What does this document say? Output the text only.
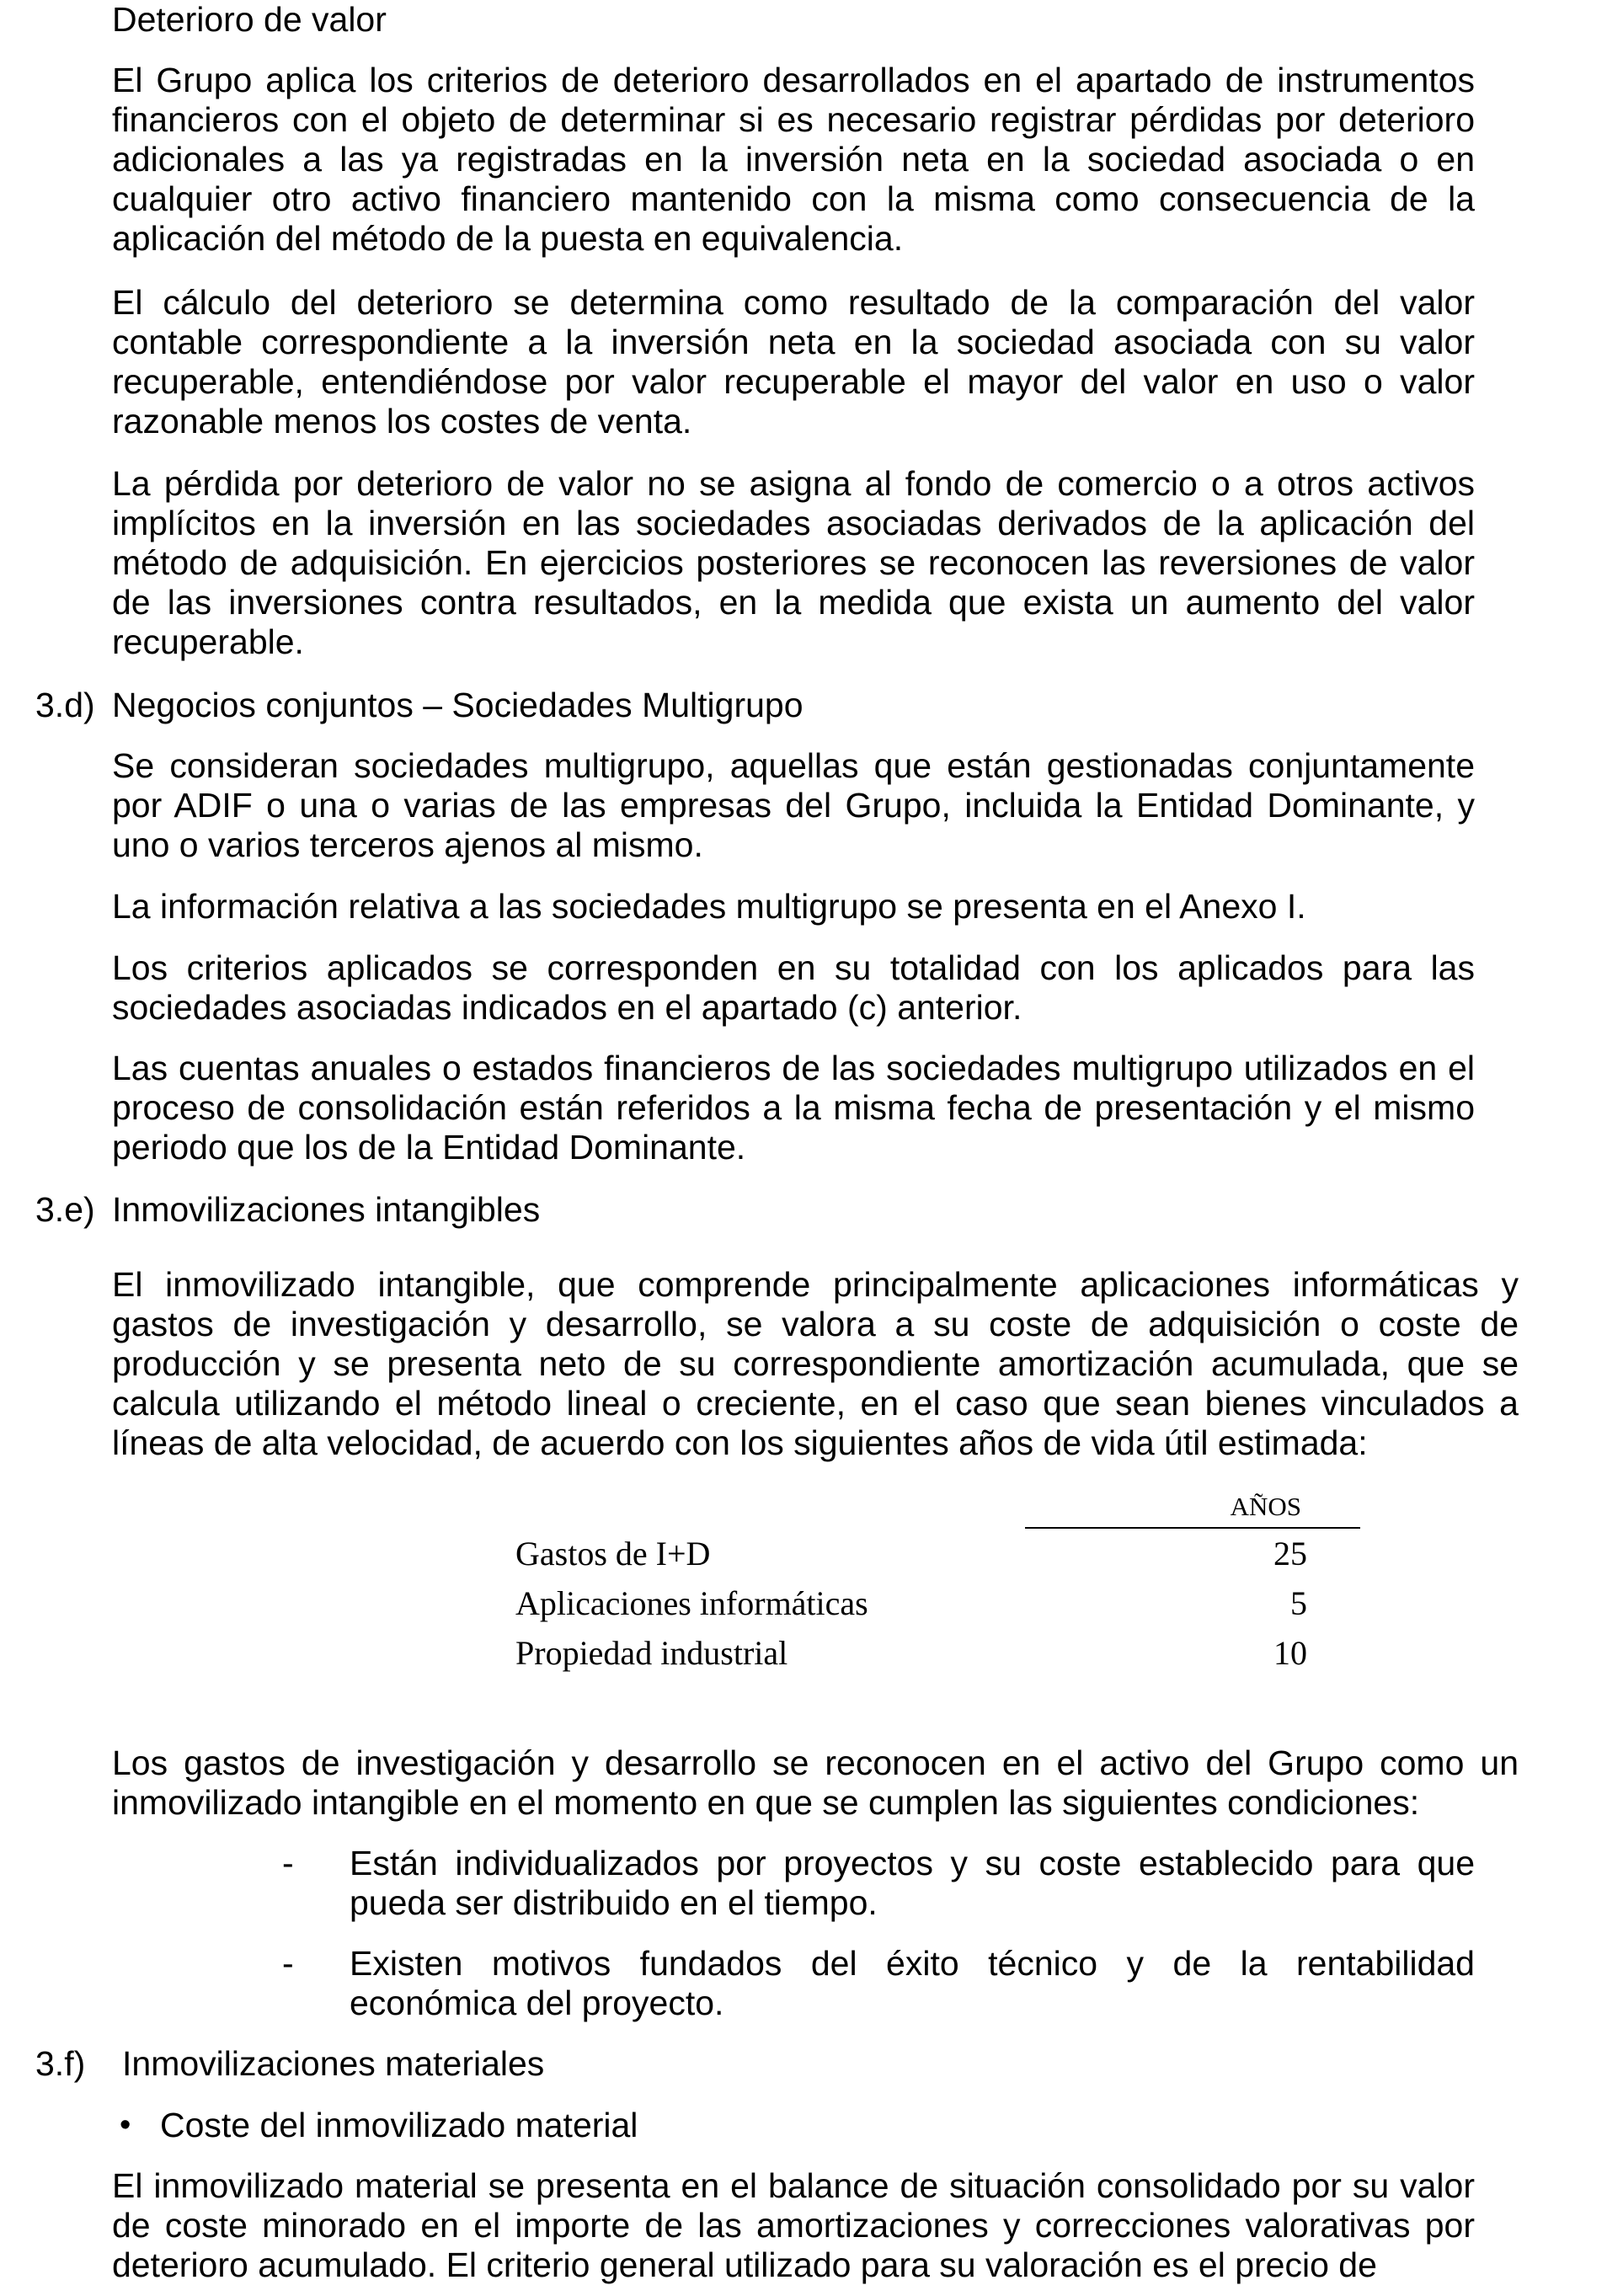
Deterioro de valor

El Grupo aplica los criterios de deterioro desarrollados en el apartado de instrumentos financieros con el objeto de determinar si es necesario registrar pérdidas por deterioro adicionales a las ya registradas en la inversión neta en la sociedad asociada o en cualquier otro activo financiero mantenido con la misma como consecuencia de la aplicación del método de la puesta en equivalencia.

El cálculo del deterioro se determina como resultado de la comparación del valor contable correspondiente a la inversión neta en la sociedad asociada con su valor recuperable, entendiéndose por valor recuperable el mayor del valor en uso o valor razonable menos los costes de venta.

La pérdida por deterioro de valor no se asigna al fondo de comercio o a otros activos implícitos en la inversión en las sociedades asociadas derivados de la aplicación del método de adquisición. En ejercicios posteriores se reconocen las reversiones de valor de las inversiones contra resultados, en la medida que exista un aumento del valor recuperable.

3.d) Negocios conjuntos – Sociedades Multigrupo

Se consideran sociedades multigrupo, aquellas que están gestionadas conjuntamente por ADIF o una o varias de las empresas del Grupo, incluida la Entidad Dominante, y uno o varios terceros ajenos al mismo.

La información relativa a las sociedades multigrupo se presenta en el Anexo I.

Los criterios aplicados se corresponden en su totalidad con los aplicados para las sociedades asociadas indicados en el apartado (c) anterior.

Las cuentas anuales o estados financieros de las sociedades multigrupo utilizados en el proceso de consolidación están referidos a la misma fecha de presentación y el mismo periodo que los de la Entidad Dominante.

3.e) Inmovilizaciones intangibles

El inmovilizado intangible, que comprende principalmente aplicaciones informáticas y gastos de investigación y desarrollo, se valora a su coste de adquisición o coste de producción y se presenta neto de su correspondiente amortización acumulada, que se calcula utilizando el método lineal o creciente, en el caso que sean bienes vinculados a líneas de alta velocidad, de acuerdo con los siguientes años de vida útil estimada:

	AÑOS
Gastos de I+D	25
Aplicaciones informáticas	5
Propiedad industrial	10

Los gastos de investigación y desarrollo se reconocen en el activo del Grupo como un inmovilizado intangible en el momento en que se cumplen las siguientes condiciones:

- Están individualizados por proyectos y su coste establecido para que pueda ser distribuido en el tiempo.

- Existen motivos fundados del éxito técnico y de la rentabilidad económica del proyecto.

3.f) Inmovilizaciones materiales

• Coste del inmovilizado material

El inmovilizado material se presenta en el balance de situación consolidado por su valor de coste minorado en el importe de las amortizaciones y correcciones valorativas por deterioro acumulado. El criterio general utilizado para su valoración es el precio de
